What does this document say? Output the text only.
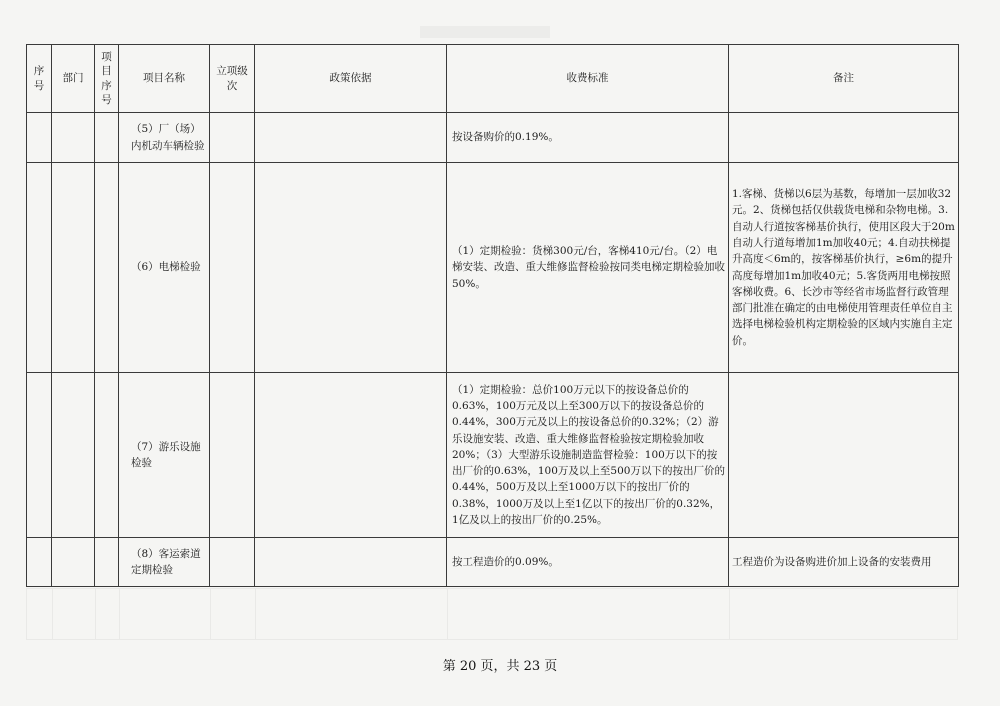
序号	部门	项目序号	项目名称	立项级次	政策依据	收费标准	备注
			（5）厂（场）内机动车辆检验			按设备购价的0.19%。	
			（6）电梯检验			（1）定期检验：货梯300元/台，客梯410元/台。（2）电梯安装、改造、重大维修监督检验按同类电梯定期检验加收50%。	1.客梯、货梯以6层为基数，每增加一层加收32元。2、货梯包括仅供载货电梯和杂物电梯。3.自动人行道按客梯基价执行，使用区段大于20m自动人行道每增加1m加收40元；4.自动扶梯提升高度＜6m的，按客梯基价执行，≥6m的提升高度每增加1m加收40元；5.客货两用电梯按照客梯收费。6、长沙市等经省市场监督行政管理部门批准在确定的由电梯使用管理责任单位自主选择电梯检验机构定期检验的区域内实施自主定价。
			（7）游乐设施检验			（1）定期检验：总价100万元以下的按设备总价的0.63%，100万元及以上至300万以下的按设备总价的0.44%，300万元及以上的按设备总价的0.32%；（2）游乐设施安装、改造、重大维修监督检验按定期检验加收20%；（3）大型游乐设施制造监督检验：100万以下的按出厂价的0.63%，100万及以上至500万以下的按出厂价的0.44%，500万及以上至1000万以下的按出厂价的0.38%，1000万及以上至1亿以下的按出厂价的0.32%，1亿及以上的按出厂价的0.25%。	
			（8）客运索道定期检验			按工程造价的0.09%。	工程造价为设备购进价加上设备的安装费用
第 20 页，共 23 页
